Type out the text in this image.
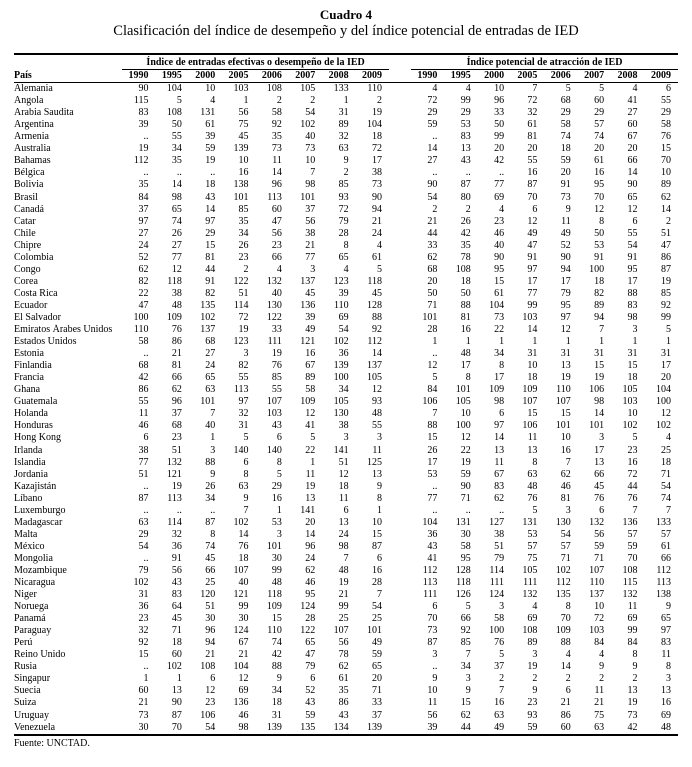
Cuadro 4
Clasificación del índice de desempeño y del índice potencial de entradas de IED
	Índice de entradas efectivas o desempeño de la IED									Índice potencial de atracción de IED							
País	1990	1995	2000	2005	2006	2007	2008	2009		1990	1995	2000	2005	2006	2007	2008	2009
Alemania	90	104	10	103	108	105	133	110		4	4	10	7	5	5	4	6
Angola	115	5	4	1	2	2	1	2		72	99	96	72	68	60	41	55
Arabia Saudita	83	108	131	56	58	54	31	19		29	29	33	32	29	29	27	29
Argentina	39	50	61	75	92	102	89	104		59	53	50	61	58	57	60	58
Armenia	..	55	39	45	35	40	32	18		..	83	99	81	74	74	67	76
Australia	19	34	59	139	73	73	63	72		14	13	20	20	18	20	20	15
Bahamas	112	35	19	10	11	10	9	17		27	43	42	55	59	61	66	70
Bélgica	..	..	..	16	14	7	2	38		..	..	..	16	20	16	14	10
Bolivia	35	14	18	138	96	98	85	73		90	87	77	87	91	95	90	89
Brasil	84	98	43	101	113	101	93	90		54	80	69	70	73	70	65	62
Canadá	37	65	14	85	60	37	72	94		2	2	4	6	9	12	12	14
Catar	97	74	97	35	47	56	79	21		21	26	23	12	11	8	6	2
Chile	27	26	29	34	56	38	28	24		44	42	46	49	49	50	55	51
Chipre	24	27	15	26	23	21	8	4		33	35	40	47	52	53	54	47
Colombia	52	77	81	23	66	77	65	61		62	78	90	91	90	91	91	86
Congo	62	12	44	2	4	3	4	5		68	108	95	97	94	100	95	87
Corea	82	118	91	122	132	137	123	118		20	18	15	17	17	18	17	19
Costa Rica	22	38	82	51	40	45	39	45		50	50	61	77	79	82	88	85
Ecuador	47	48	135	114	130	136	110	128		71	88	104	99	95	89	83	92
El Salvador	100	109	102	72	122	39	69	88		101	81	73	103	97	94	98	99
Emiratos Árabes Unidos	110	76	137	19	33	49	54	92		28	16	22	14	12	7	3	5
Estados Unidos	58	86	68	123	111	121	102	112		1	1	1	1	1	1	1	1
Estonia	..	21	27	3	19	16	36	14		..	48	34	31	31	31	31	31
Finlandia	68	81	24	82	76	67	139	137		12	17	8	10	13	15	15	17
Francia	42	66	65	55	85	89	100	105		5	8	17	18	19	19	18	20
Ghana	86	62	63	113	55	58	34	12		84	101	109	109	110	106	105	104
Guatemala	55	96	101	97	107	109	105	93		106	105	98	107	107	98	103	100
Holanda	11	37	7	32	103	12	130	48		7	10	6	15	15	14	10	12
Honduras	46	68	40	31	43	41	38	55		88	100	97	106	101	101	102	102
Hong Kong	6	23	1	5	6	5	3	3		15	12	14	11	10	3	5	4
Irlanda	38	51	3	140	140	22	141	11		26	22	13	13	16	17	23	25
Islandia	77	132	88	6	8	1	51	125		17	19	11	8	7	13	16	18
Jordania	51	121	9	8	5	11	12	13		53	59	67	63	62	66	72	71
Kazajistán	..	19	26	63	29	19	18	9		..	90	83	48	46	45	44	54
Líbano	87	113	34	9	16	13	11	8		77	71	62	76	81	76	76	74
Luxemburgo	..	..	..	7	1	141	6	1		..	..	..	5	3	6	7	7
Madagascar	63	114	87	102	53	20	13	10		104	131	127	131	130	132	136	133
Malta	29	32	8	14	3	14	24	15		36	30	38	53	54	56	57	57
México	54	36	74	76	101	96	98	87		43	58	51	57	57	59	59	61
Mongolia	..	91	45	18	30	24	7	6		41	95	79	75	71	71	70	66
Mozambique	79	56	66	107	99	62	48	16		112	128	114	105	102	107	108	112
Nicaragua	102	43	25	40	48	46	19	28		113	118	111	111	112	110	115	113
Niger	31	83	120	121	118	95	21	7		111	126	124	132	135	137	132	138
Noruega	36	64	51	99	109	124	99	54		6	5	3	4	8	10	11	9
Panamá	23	45	30	30	15	28	25	25		70	66	58	69	70	72	69	65
Paraguay	32	71	96	124	110	122	107	101		73	92	100	108	109	103	99	97
Perú	92	18	94	67	74	65	56	49		87	85	76	89	88	84	84	83
Reino Unido	15	60	21	21	42	47	78	59		3	7	5	3	4	4	8	11
Rusia	..	102	108	104	88	79	62	65		..	34	37	19	14	9	9	8
Singapur	1	1	6	12	9	6	61	20		9	3	2	2	2	2	2	3
Suecia	60	13	12	69	34	52	35	71		10	9	7	9	6	11	13	13
Suiza	21	90	23	136	18	43	86	33		11	15	16	23	21	21	19	16
Uruguay	73	87	106	46	31	59	43	37		56	62	63	93	86	75	73	69
Venezuela	30	70	54	98	139	135	134	139		39	44	49	59	60	63	42	48
Fuente: UNCTAD.
